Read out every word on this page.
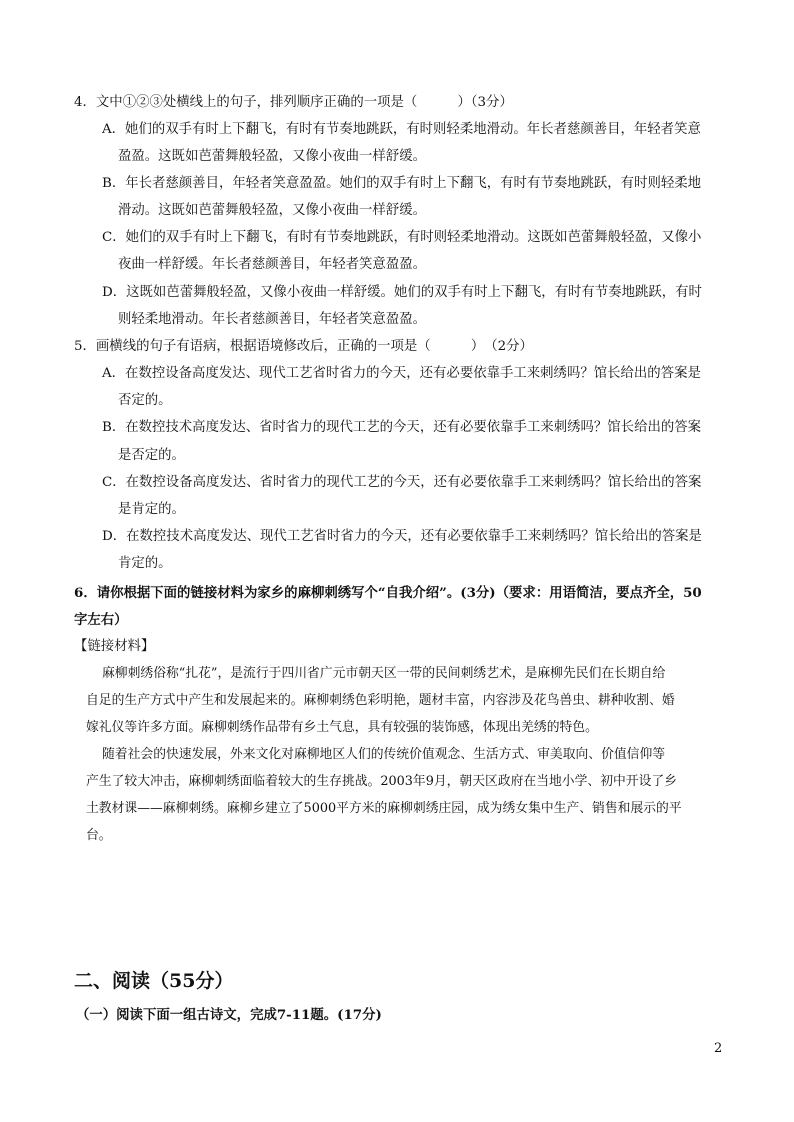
4．文中①②③处横线上的句子，排列顺序正确的一项是（　　　）（3分）
A．她们的双手有时上下翻飞，有时有节奏地跳跃，有时则轻柔地滑动。年长者慈颜善目，年轻者笑意
盈盈。这既如芭蕾舞般轻盈，又像小夜曲一样舒缓。
B．年长者慈颜善目，年轻者笑意盈盈。她们的双手有时上下翻飞，有时有节奏地跳跃，有时则轻柔地
滑动。这既如芭蕾舞般轻盈，又像小夜曲一样舒缓。
C．她们的双手有时上下翻飞，有时有节奏地跳跃，有时则轻柔地滑动。这既如芭蕾舞般轻盈，又像小
夜曲一样舒缓。年长者慈颜善目，年轻者笑意盈盈。
D．这既如芭蕾舞般轻盈，又像小夜曲一样舒缓。她们的双手有时上下翻飞，有时有节奏地跳跃，有时
则轻柔地滑动。年长者慈颜善目，年轻者笑意盈盈。
5．画横线的句子有语病，根据语境修改后，正确的一项是（　　　）　（2分）
A．在数控设备高度发达、现代工艺省时省力的今天，还有必要依靠手工来刺绣吗？馆长给出的答案是
否定的。
B．在数控技术高度发达、省时省力的现代工艺的今天，还有必要依靠手工来刺绣吗？馆长给出的答案
是否定的。
C．在数控设备高度发达、省时省力的现代工艺的今天，还有必要依靠手工来刺绣吗？馆长给出的答案
是肯定的。
D．在数控技术高度发达、现代工艺省时省力的今天，还有必要依靠手工来刺绣吗？馆长给出的答案是
肯定的。
6．请你根据下面的链接材料为家乡的麻柳刺绣写个“自我介绍”。(3分)（要求：用语简洁，要点齐全，50
字左右）
【链接材料】
麻柳刺绣俗称“扎花”，是流行于四川省广元市朝天区一带的民间刺绣艺术，是麻柳先民们在长期自给
自足的生产方式中产生和发展起来的。麻柳刺绣色彩明艳，题材丰富，内容涉及花鸟兽虫、耕种收割、婚
嫁礼仪等许多方面。麻柳刺绣作品带有乡土气息，具有较强的装饰感，体现出羌绣的特色。
随着社会的快速发展，外来文化对麻柳地区人们的传统价值观念、生活方式、审美取向、价值信仰等
产生了较大冲击，麻柳刺绣面临着较大的生存挑战。2003年9月，朝天区政府在当地小学、初中开设了乡
土教材课——麻柳刺绣。麻柳乡建立了5000平方米的麻柳刺绣庄园，成为绣女集中生产、销售和展示的平
台。
二、阅读（55分）
（一）阅读下面一组古诗文，完成7-11题。(17分)
2
